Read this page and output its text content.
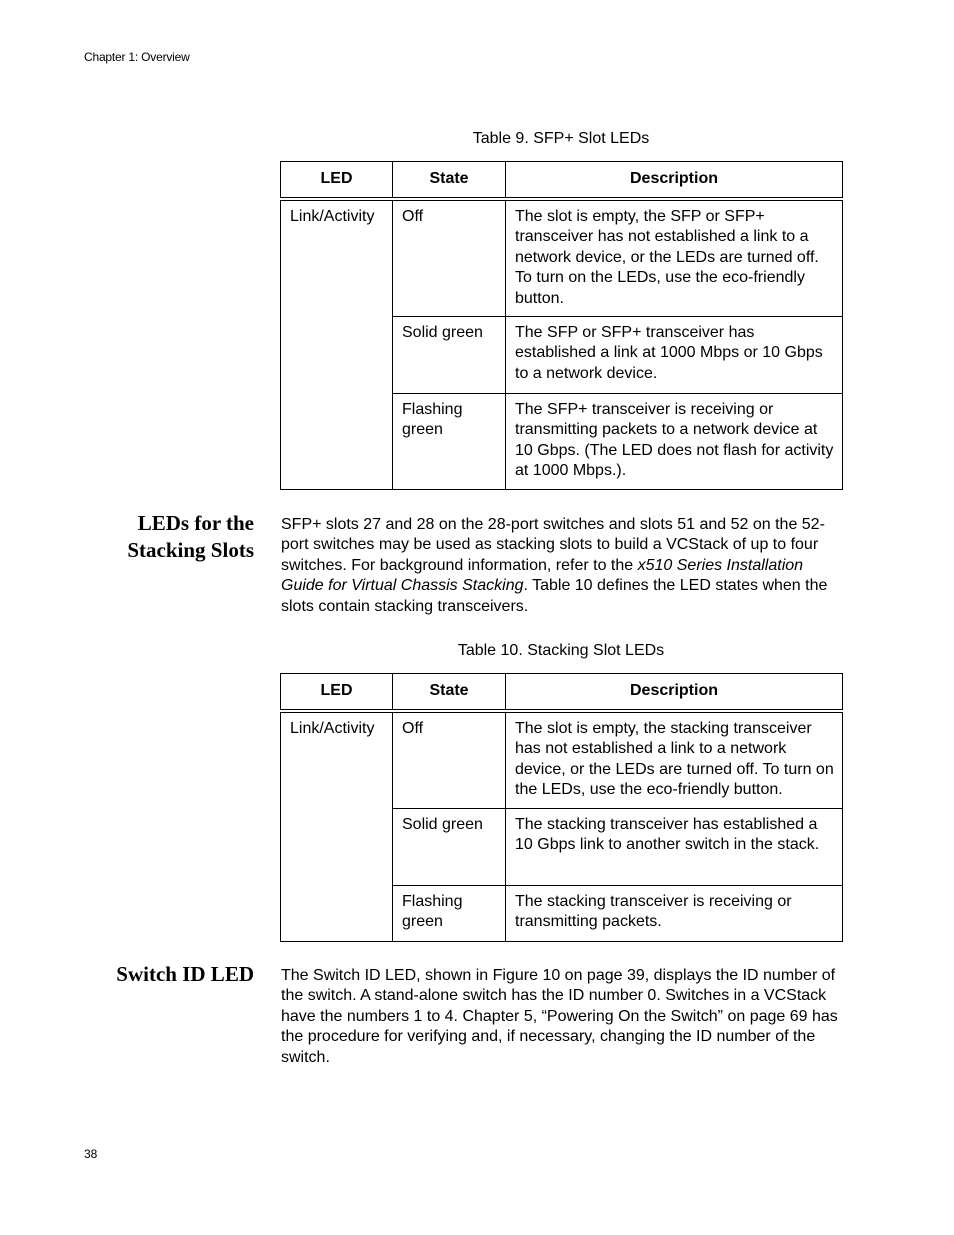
Chapter 1: Overview
Table 9. SFP+ Slot LEDs
LED	State	Description
Link/Activity	Off	The slot is empty, the SFP or SFP+ transceiver has not established a link to a network device, or the LEDs are turned off. To turn on the LEDs, use the eco-friendly button.
	Solid green	The SFP or SFP+ transceiver has established a link at 1000 Mbps or 10 Gbps to a network device.
	Flashing green	The SFP+ transceiver is receiving or transmitting packets to a network device at 10 Gbps. (The LED does not flash for activity at 1000 Mbps.).
LEDs for the
Stacking Slots
SFP+ slots 27 and 28 on the 28-port switches and slots 51 and 52 on the 52-port switches may be used as stacking slots to build a VCStack of up to four switches. For background information, refer to the x510 Series Installation Guide for Virtual Chassis Stacking. Table 10 defines the LED states when the slots contain stacking transceivers.
Table 10. Stacking Slot LEDs
LED	State	Description
Link/Activity	Off	The slot is empty, the stacking transceiver has not established a link to a network device, or the LEDs are turned off. To turn on the LEDs, use the eco-friendly button.
	Solid green	The stacking transceiver has established a 10 Gbps link to another switch in the stack.
	Flashing green	The stacking transceiver is receiving or transmitting packets.
Switch ID LED The Switch ID LED, shown in Figure 10 on page 39, displays the ID number of the switch. A stand-alone switch has the ID number 0. Switches in a VCStack have the numbers 1 to 4. Chapter 5, “Powering On the Switch” on page 69 has the procedure for verifying and, if necessary, changing the ID number of the switch.
38
